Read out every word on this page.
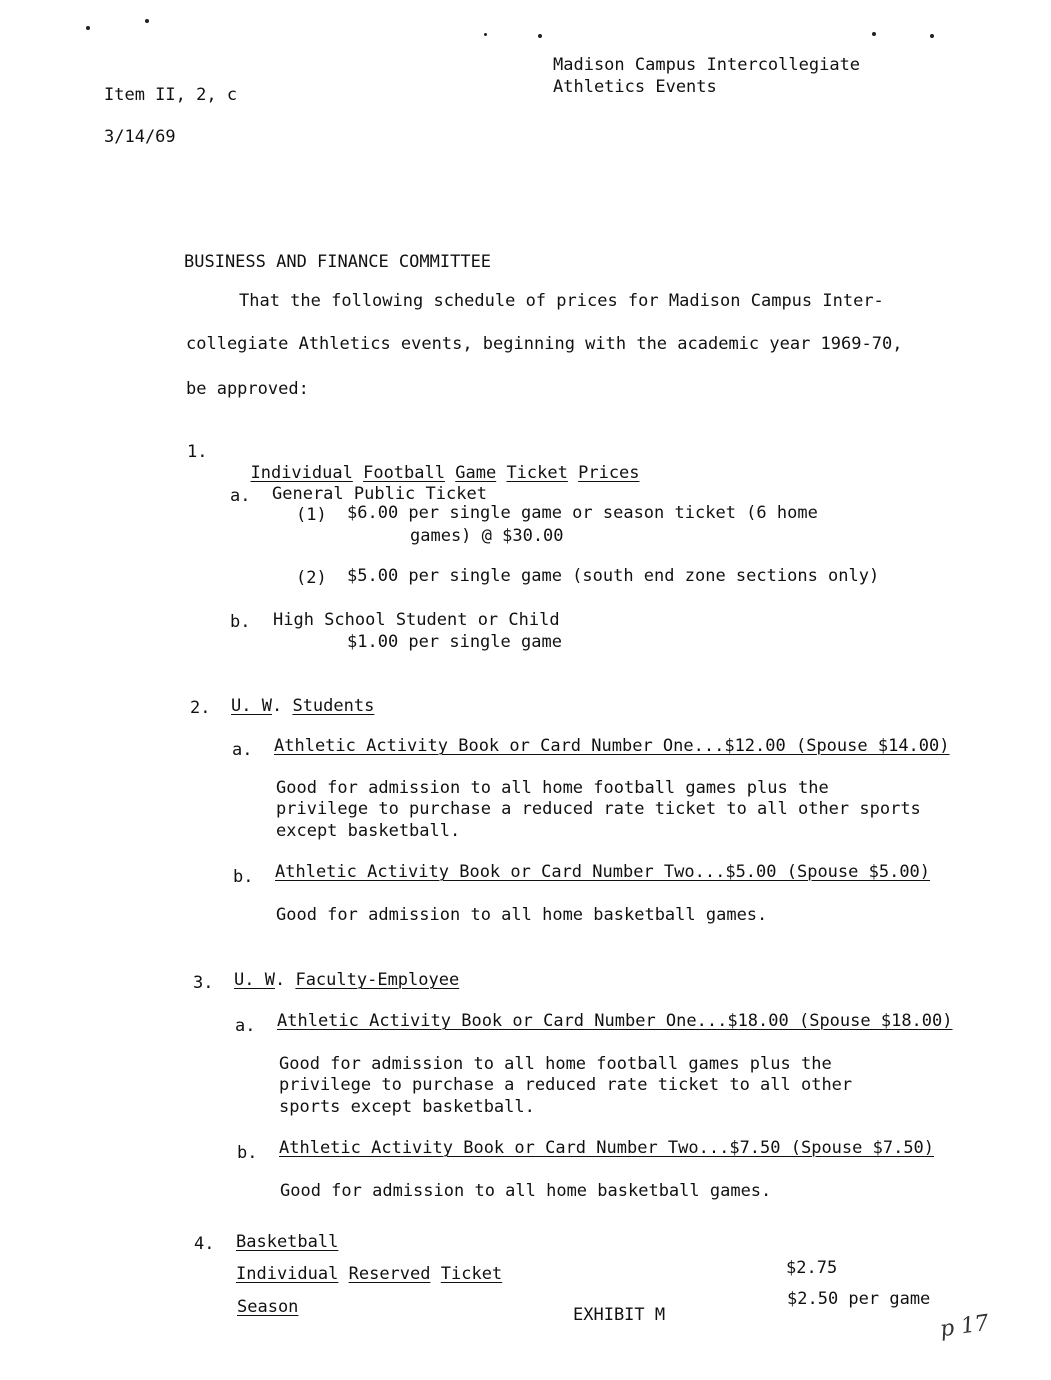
Item II, 2, c
3/14/69
Madison Campus Intercollegiate
Athletics Events
BUSINESS AND FINANCE COMMITTEE
That the following schedule of prices for Madison Campus Inter-
collegiate Athletics events, beginning with the academic year 1969-70,
be approved:
1.

Individual Football Game Ticket Prices

a. General Public Ticket
(1) $6.00 per single game or season ticket (6 home
games) @ $30.00
(2) $5.00 per single game (south end zone sections only)
b. High School Student or Child
$1.00 per single game
2. U. W. Students
a. Athletic Activity Book or Card Number One...$12.00 (Spouse $14.00)
Good for admission to all home football games plus the
privilege to purchase a reduced rate ticket to all other sports
except basketball.
b. Athletic Activity Book or Card Number Two...$5.00 (Spouse $5.00)
Good for admission to all home basketball games.
3. U. W. Faculty-Employee
a. Athletic Activity Book or Card Number One...$18.00 (Spouse $18.00)
Good for admission to all home football games plus the
privilege to purchase a reduced rate ticket to all other
sports except basketball.
b. Athletic Activity Book or Card Number Two...$7.50 (Spouse $7.50)
Good for admission to all home basketball games.
4. Basketball
Individual Reserved Ticket	$2.75
Season	$2.50 per game
EXHIBIT M	p 17
